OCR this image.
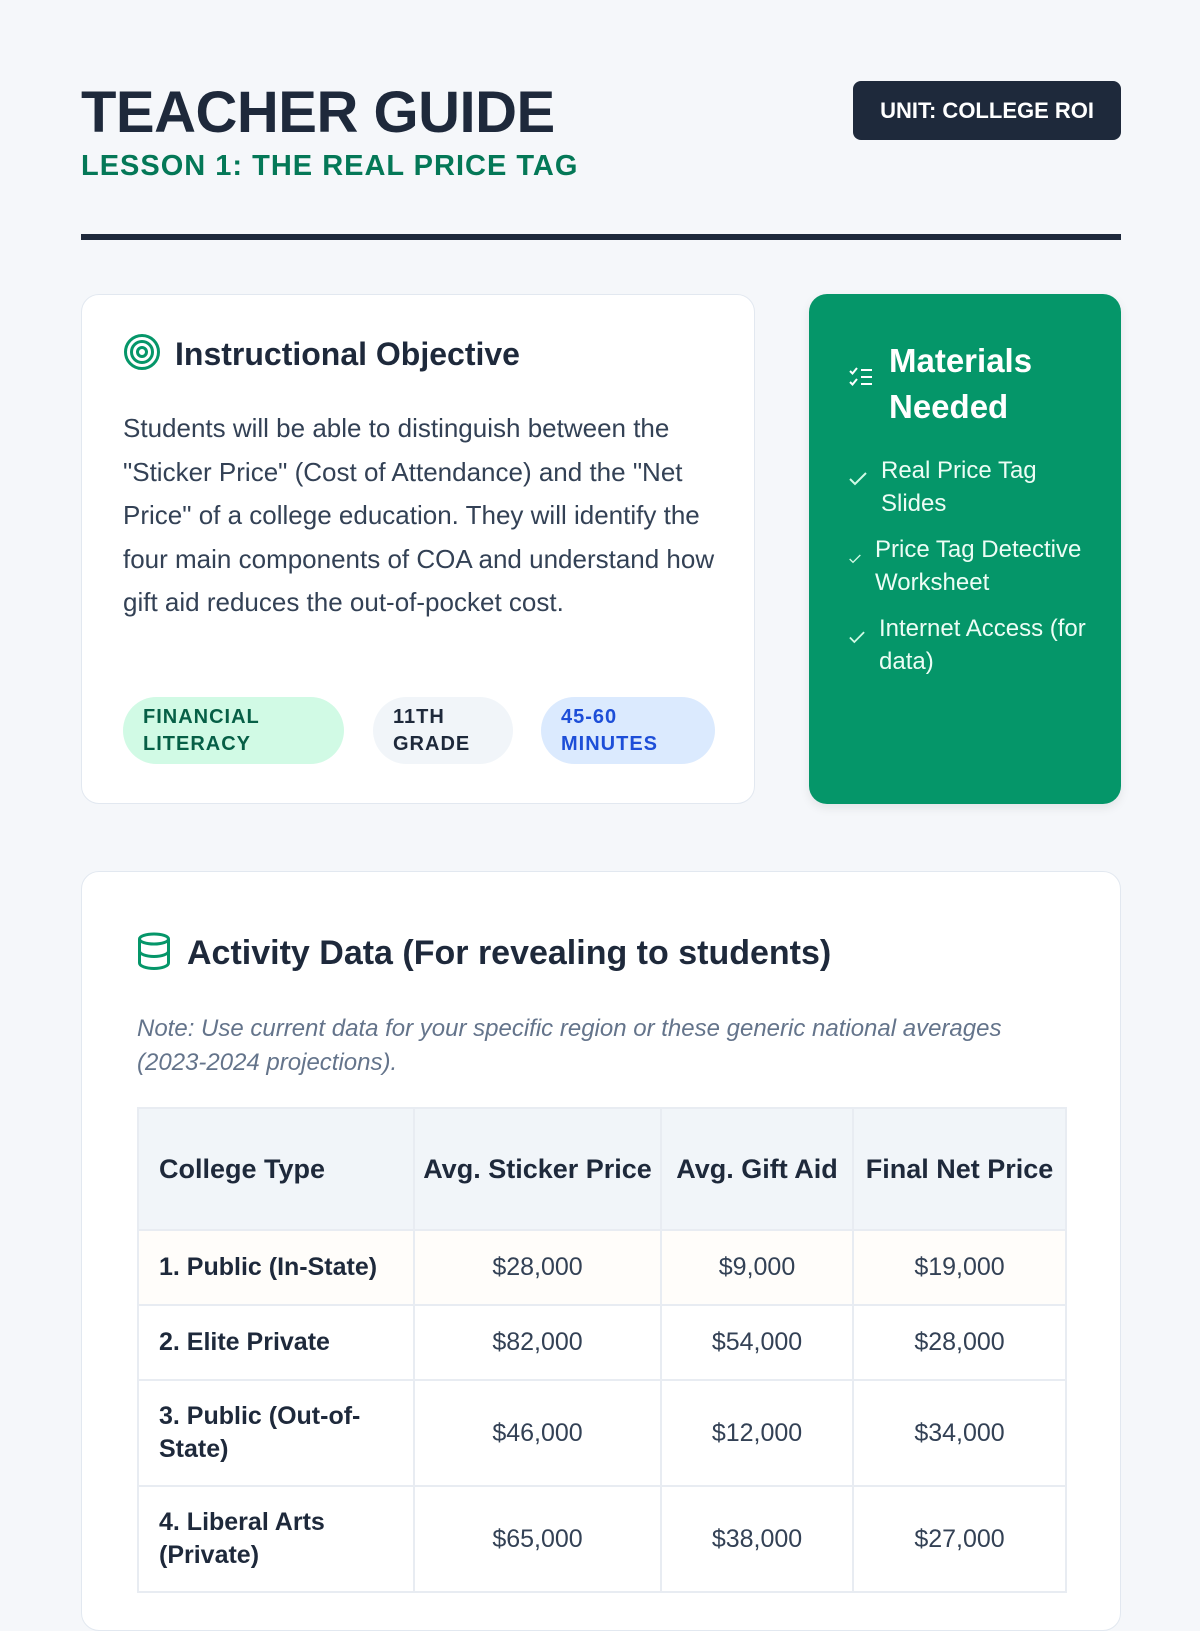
TEACHER GUIDE
LESSON 1: THE REAL PRICE TAG
UNIT: COLLEGE ROI
Instructional Objective
Students will be able to distinguish between the "Sticker Price" (Cost of Attendance) and the "Net Price" of a college education. They will identify the four main components of COA and understand how gift aid reduces the out-of-pocket cost.
FINANCIAL LITERACY
11TH GRADE
45-60 MINUTES
Materials Needed
Real Price Tag Slides
Price Tag Detective Worksheet
Internet Access (for data)
Activity Data (For revealing to students)
Note: Use current data for your specific region or these generic national averages (2023-2024 projections).
College Type	Avg. Sticker Price	Avg. Gift Aid	Final Net Price
1. Public (In-State)	$28,000	$9,000	$19,000
2. Elite Private	$82,000	$54,000	$28,000
3. Public (Out-of-State)	$46,000	$12,000	$34,000
4. Liberal Arts (Private)	$65,000	$38,000	$27,000
